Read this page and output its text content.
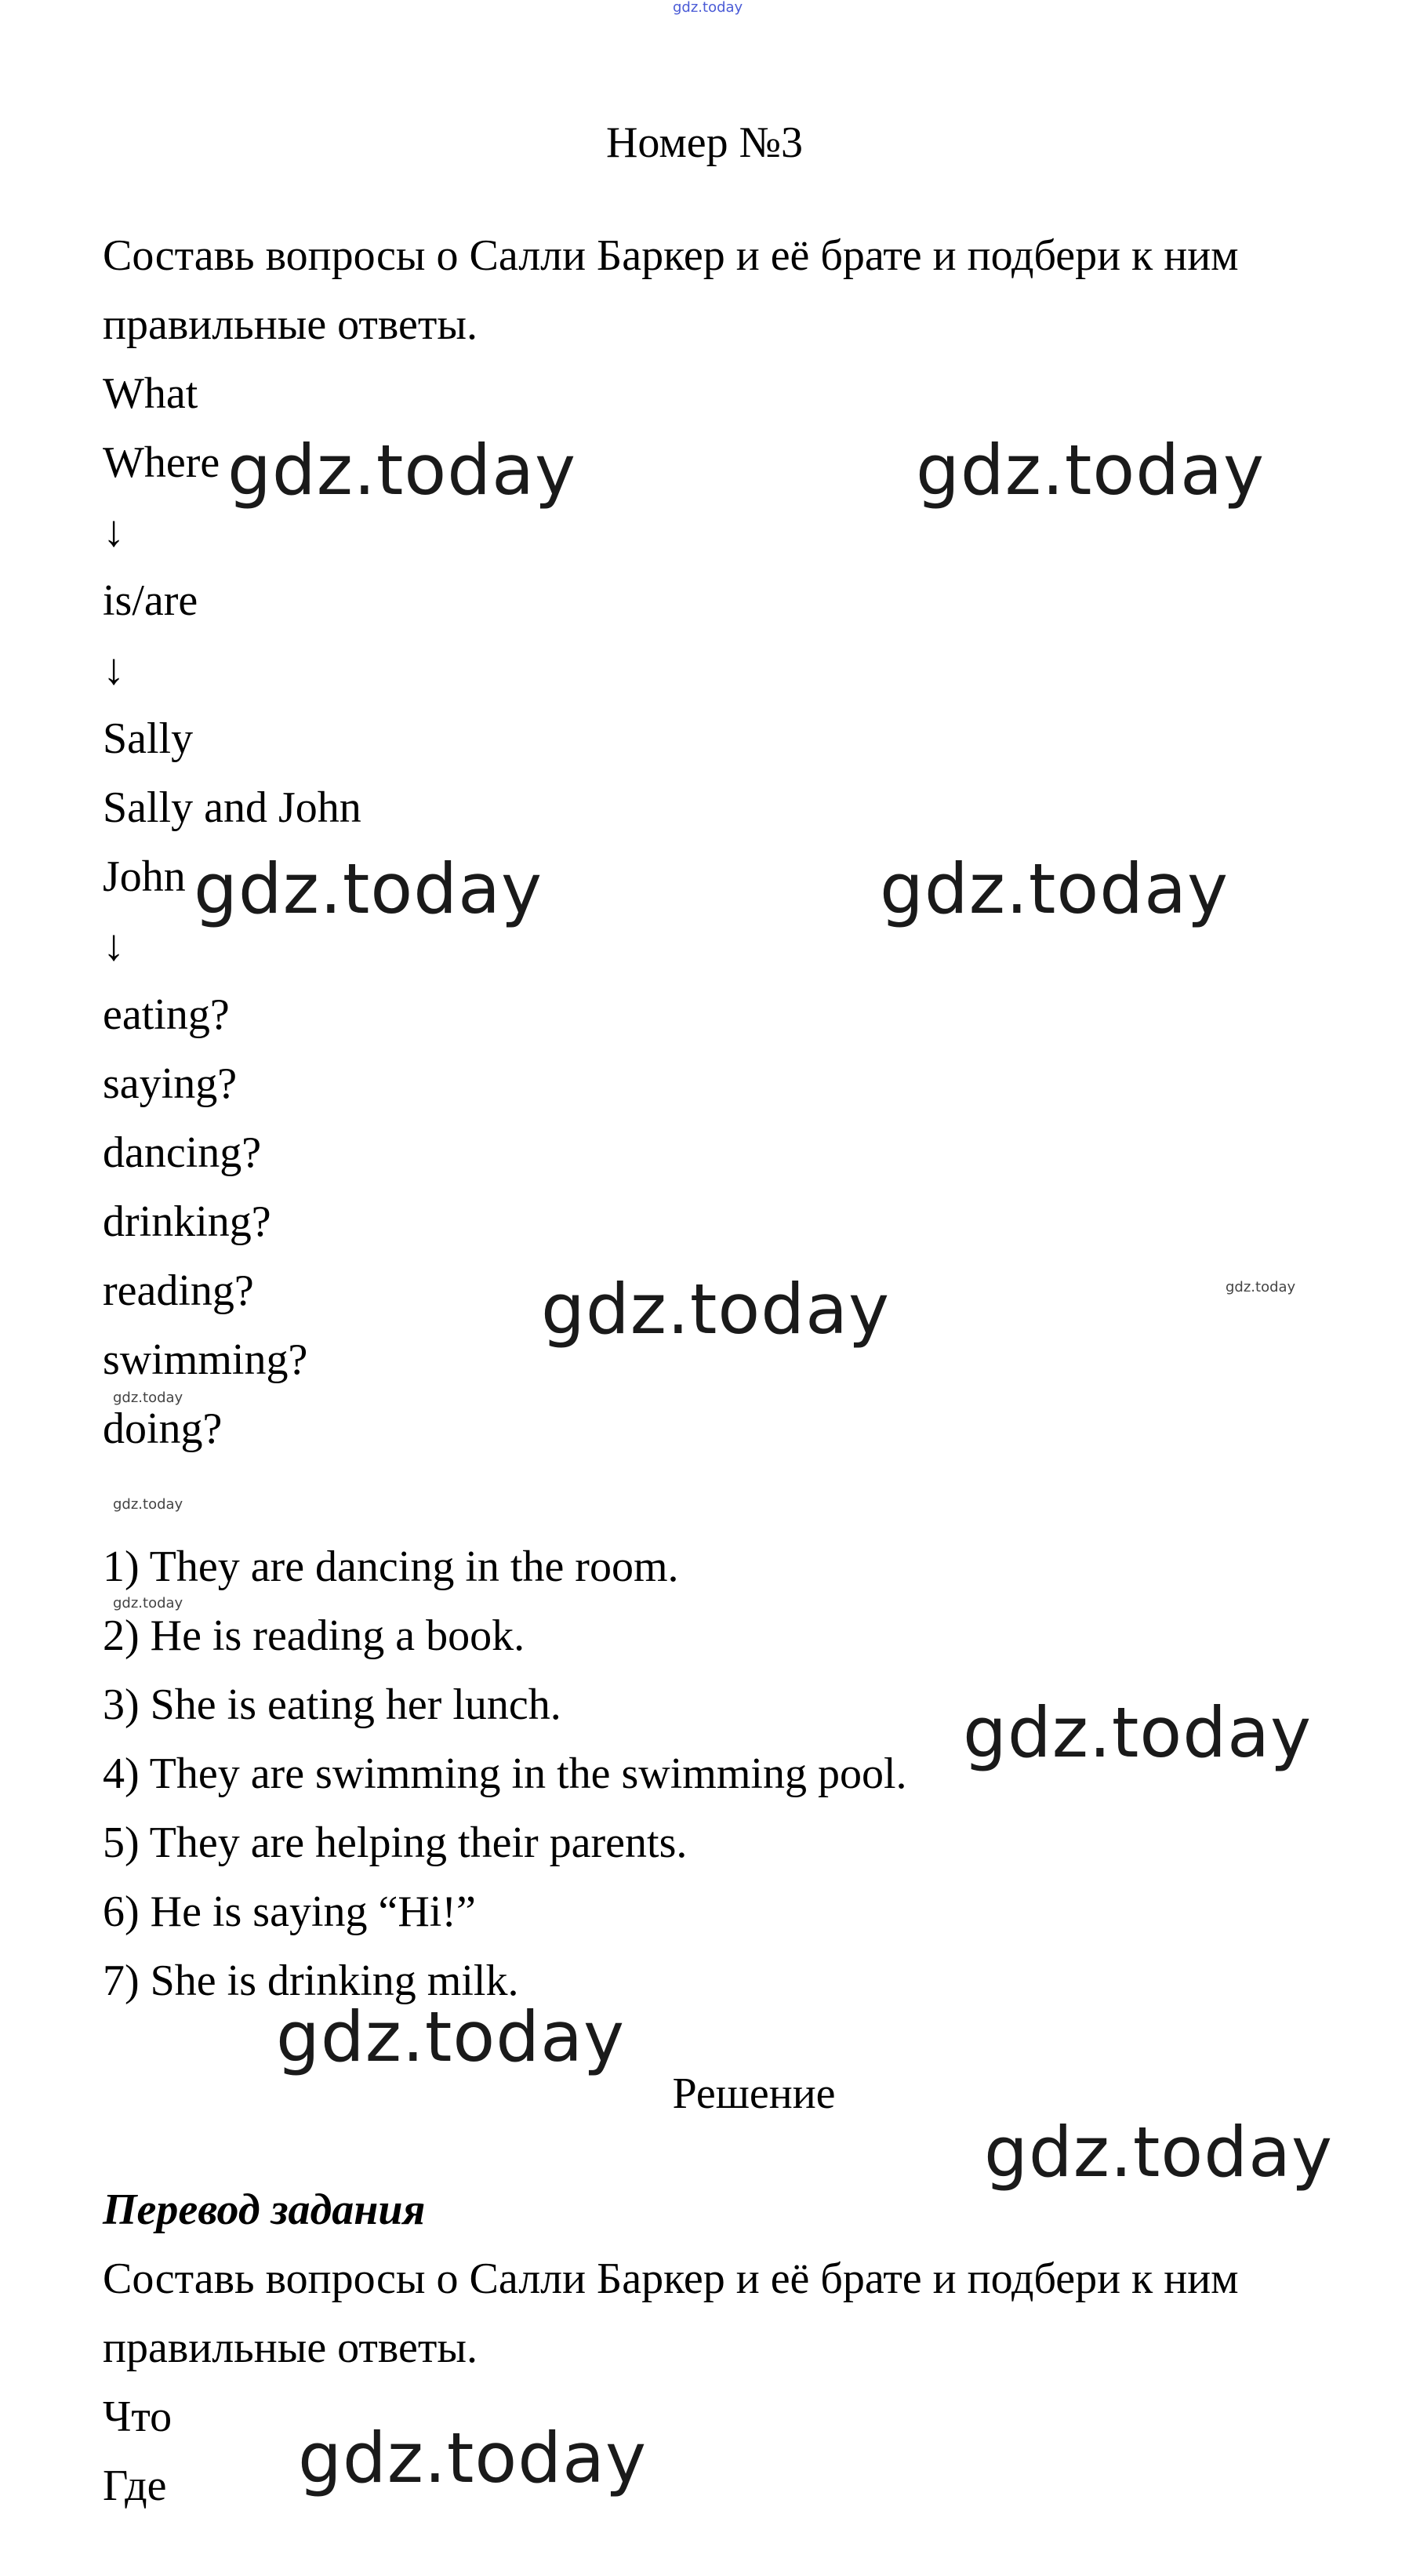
gdz.today
Номер №3
Составь вопросы о Салли Баркер и её брате и подбери к ним
правильные ответы.
What
Where
↓
is/are
↓
Sally
Sally and John
John
↓
eating?
saying?
dancing?
drinking?
reading?
swimming?
doing?
1) They are dancing in the room.
2) He is reading a book.
3) She is eating her lunch.
4) They are swimming in the swimming pool.
5) They are helping their parents.
6) He is saying “Hi!”
7) She is drinking milk.
Решение
Перевод задания
Составь вопросы о Салли Баркер и её брате и подбери к ним
правильные ответы.
Что
Где
gdz.today	gdz.today
gdz.today	gdz.today
gdz.today
gdz.today
gdz.today
gdz.today
gdz.today
gdz.today
gdz.today
gdz.today
gdz.today
